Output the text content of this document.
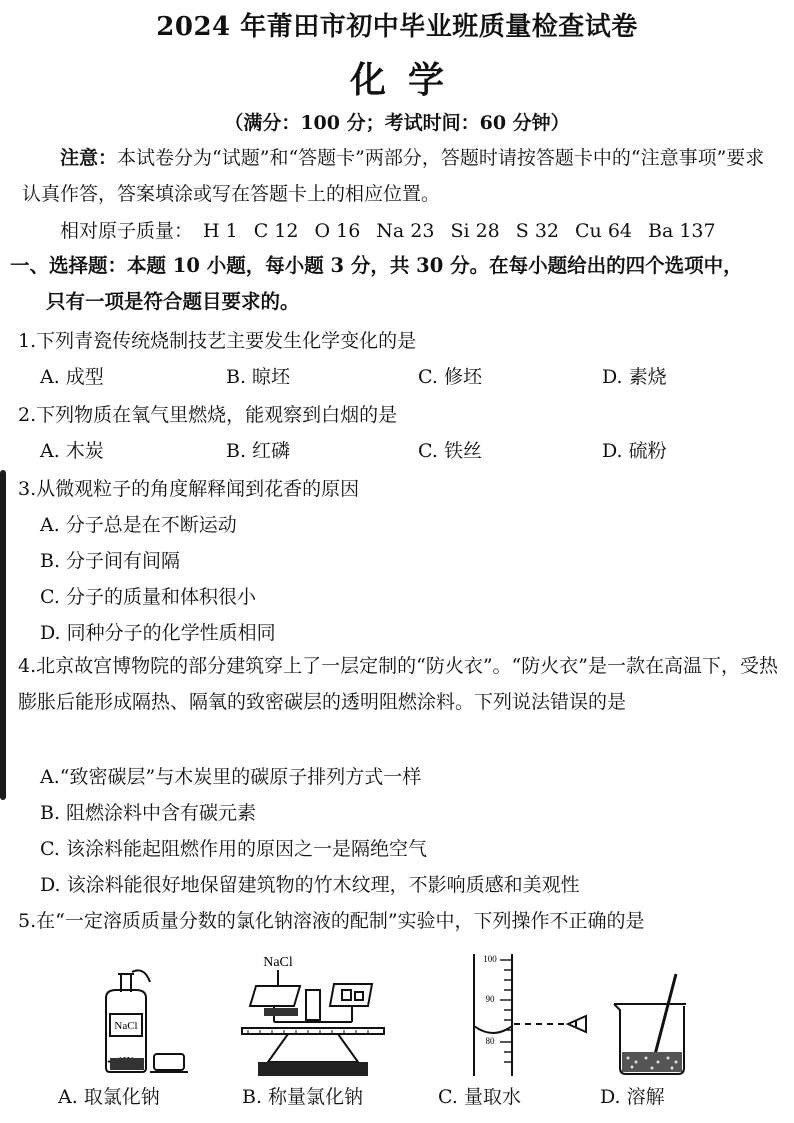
2024 年莆田市初中毕业班质量检查试卷
化学
（满分：100 分；考试时间：60 分钟）
注意：本试卷分为“试题”和“答题卡”两部分，答题时请按答题卡中的“注意事项”要求认真作答，答案填涂或写在答题卡上的相应位置。
相对原子质量： H 1 C 12 O 16 Na 23 Si 28 S 32 Cu 64 Ba 137
一、选择题：本题 10 小题，每小题 3 分，共 30 分。在每小题给出的四个选项中，
只有一项是符合题目要求的。
1.下列青瓷传统烧制技艺主要发生化学变化的是
A. 成型	B. 晾坯	C. 修坯	D. 素烧
2.下列物质在氧气里燃烧，能观察到白烟的是
A. 木炭	B. 红磷	C. 铁丝	D. 硫粉
3.从微观粒子的角度解释闻到花香的原因
A. 分子总是在不断运动
B. 分子间有间隔
C. 分子的质量和体积很小
D. 同种分子的化学性质相同
4.北京故宫博物院的部分建筑穿上了一层定制的“防火衣”。“防火衣”是一款在高温下，受热膨胀后能形成隔热、隔氧的致密碳层的透明阻燃涂料。下列说法错误的是
A.“致密碳层”与木炭里的碳原子排列方式一样
B. 阻燃涂料中含有碳元素
C. 该涂料能起阻燃作用的原因之一是隔绝空气
D. 该涂料能很好地保留建筑物的竹木纹理，不影响质感和美观性
5.在“一定溶质质量分数的氯化钠溶液的配制”实验中，下列操作不正确的是
NaCl
A. 取氯化钠
NaCl
B. 称量氯化钠
100
90
80
C. 量取水	D. 溶解
